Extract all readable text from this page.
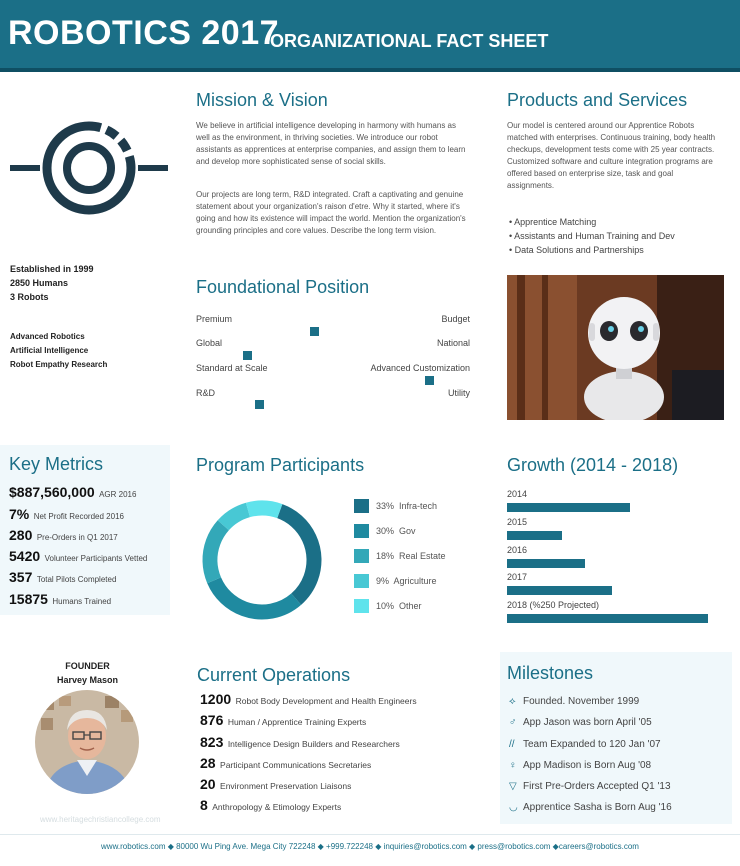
ROBOTICS 2017
ORGANIZATIONAL FACT SHEET
Established in 1999
2850 Humans
3 Robots
Advanced Robotics
Artificial Intelligence
Robot Empathy Research
Mission & Vision
We believe in artificial intelligence developing in harmony with humans as well as the environment, in thriving societies. We introduce our robot assistants as apprentices at enterprise companies, and assign them to learn and develop more sophisticated sense of social skills.
Our projects are long term, R&D integrated. Craft a captivating and genuine statement about your organization's raison d'etre. Why it started, where it's going and how its existence will impact the world. Mention the organization's grounding principles and core values. Describe the long term vision.
Products and Services
Our model is centered around our Apprentice Robots matched with enterprises. Continuous training, body health checkups, development tests come with 25 year contracts. Customized software and culture integration programs are offered based on enterprise size, task and goal assignments.
• Apprentice Matching
• Assistants and Human Training and Dev
• Data Solutions and Partnerships
Foundational Position
Premium
Global
Standard at Scale
R&D
Budget
National
Advanced Customization
Utility
Key Metrics
$887,560,000 AGR 2016
7% Net Profit Recorded 2016
280 Pre-Orders in Q1 2017
5420 Volunteer Participants Vetted
357 Total Pilots Completed
15875 Humans Trained
Program Participants
33% Infra-tech
30% Gov
18% Real Estate
9% Agriculture
10% Other
Growth (2014 - 2018)
2014
2015
2016
2017
2018 (%250 Projected)
FOUNDER
Harvey Mason	Current Operations
1200 Robot Body Development and Health Engineers
876 Human / Apprentice Training Experts
823 Intelligence Design Builders and Researchers
28 Participant Communications Secretaries
20 Environment Preservation Liaisons
8 Anthropology & Etimology Experts
Milestones
⟡ Founded. November 1999
♂ App Jason was born April '05
// Team Expanded to 120 Jan '07
♀ App Madison is Born Aug '08
▽ First Pre-Orders Accepted Q1 '13
◡ Apprentice Sasha is Born Aug '16
www.heritagechristiancollege.com
www.robotics.com ◆ 80000 Wu Ping Ave. Mega City 722248 ◆ +999.722248 ◆ inquiries@robotics.com ◆ press@robotics.com ◆careers@robotics.com
